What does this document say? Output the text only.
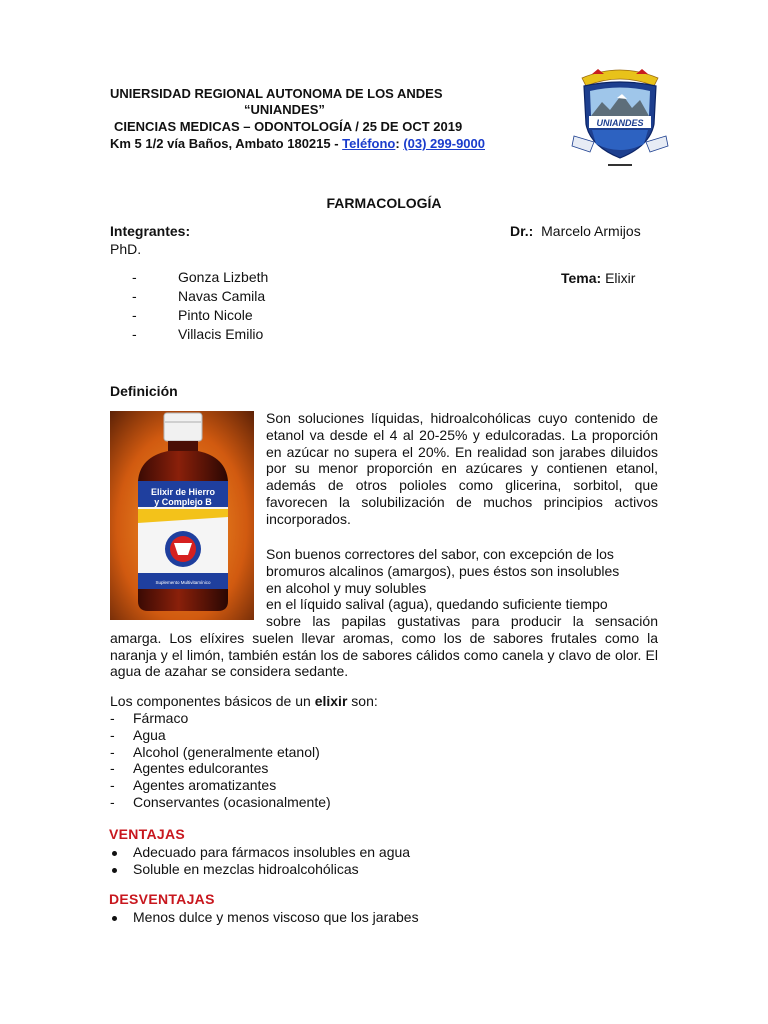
UNIERSIDAD REGIONAL AUTONOMA DE LOS ANDES
“UNIANDES”
CIENCIAS MEDICAS – ODONTOLOGÍA / 25 DE OCT 2019
Km 5 1/2 vía Baños, Ambato 180215 - Teléfono: (03) 299-9000
UNIANDES
FARMACOLOGÍA
Integrantes:	Dr.: Marcelo Armijos
PhD.
-	Gonza Lizbeth
-	Navas Camila
-	Pinto Nicole
-	Villacis Emilio
Tema: Elixir
Definición
Elixir de Hierro
y Complejo B
Suplemento Multivitamínico
Son soluciones líquidas, hidroalcohólicas cuyo contenido de etanol va desde el 4 al 20-25% y edulcoradas. La proporción en azúcar no supera el 20%. En realidad son jarabes diluidos por su menor proporción en azúcares y contienen etanol, además de otros polioles como glicerina, sorbitol, que favorecen la solubilización de muchos principios activos incorporados.
Son buenos correctores del sabor, con excepción de los
bromuros alcalinos (amargos), pues éstos son insolubles
en alcohol y muy solubles
en el líquido salival (agua), quedando suficiente tiempo
sobre las papilas gustativas para producir la sensación amarga. Los elíxires suelen llevar aromas, como los de sabores frutales como la naranja y el limón, también están los de sabores cálidos como canela y clavo de olor. El agua de azahar se considera sedante.
Los componentes básicos de un elixir son:
- Fármaco
- Agua
- Alcohol (generalmente etanol)
- Agentes edulcorantes
- Agentes aromatizantes
- Conservantes (ocasionalmente)
VENTAJAS
Adecuado para fármacos insolubles en agua
Soluble en mezclas hidroalcohólicas
DESVENTAJAS
Menos dulce y menos viscoso que los jarabes
